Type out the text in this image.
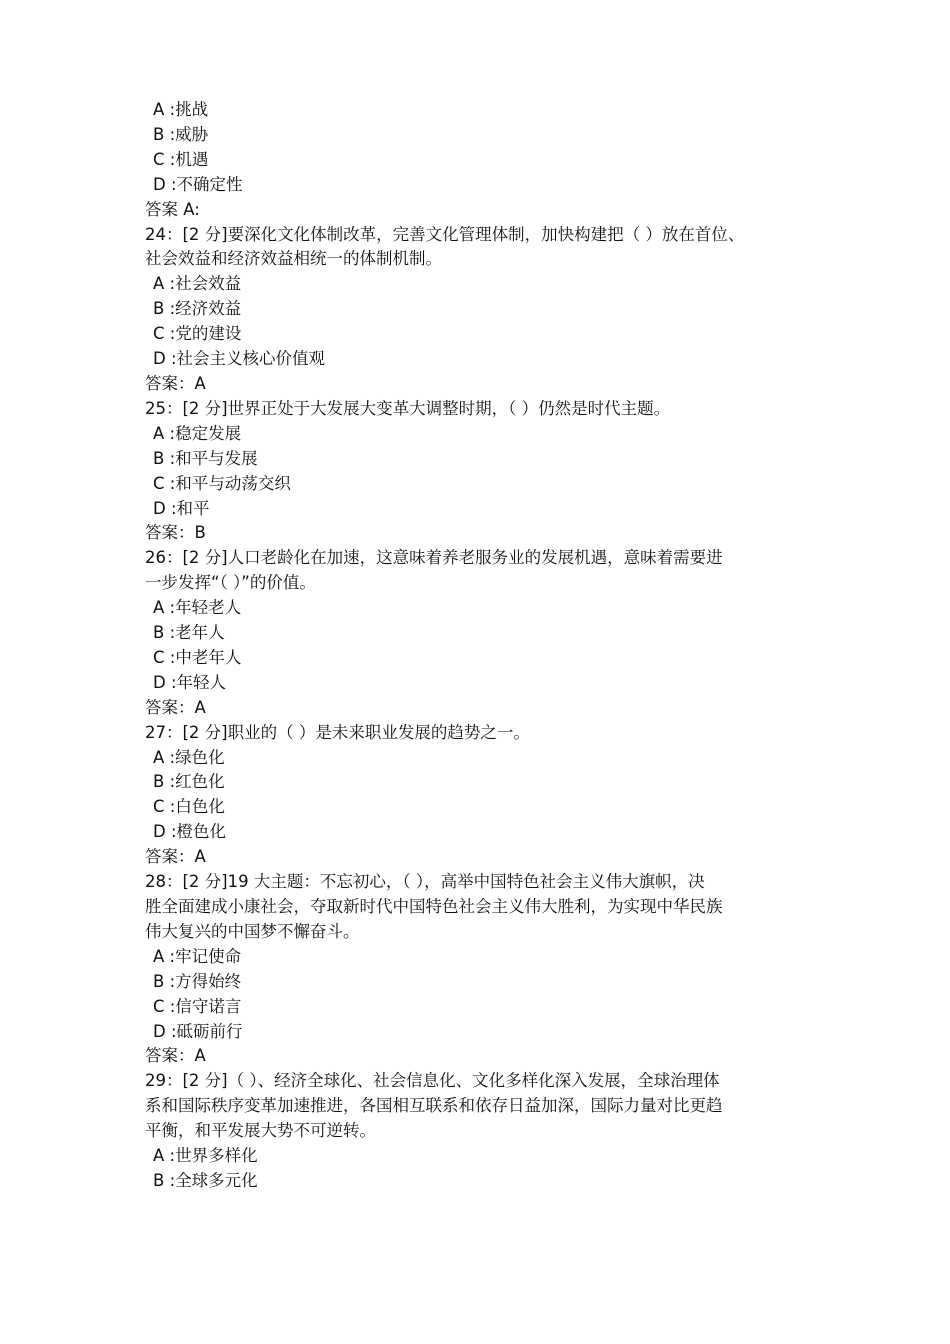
A :挑战
B :威胁
C :机遇
D :不确定性
答案 A:
24：[2 分]要深化文化体制改革，完善文化管理体制，加快构建把（ ）放在首位、
社会效益和经济效益相统一的体制机制。
A :社会效益
B :经济效益
C :党的建设
D :社会主义核心价值观
答案：A
25：[2 分]世界正处于大发展大变革大调整时期，（ ）仍然是时代主题。
A :稳定发展
B :和平与发展
C :和平与动荡交织
D :和平
答案：B
26：[2 分]人口老龄化在加速，这意味着养老服务业的发展机遇，意味着需要进
一步发挥“（ ）”的价值。
A :年轻老人
B :老年人
C :中老年人
D :年轻人
答案：A
27：[2 分]职业的（ ）是未来职业发展的趋势之一。
A :绿色化
B :红色化
C :白色化
D :橙色化
答案：A
28：[2 分]19 大主题：不忘初心，（ ），高举中国特色社会主义伟大旗帜，决
胜全面建成小康社会，夺取新时代中国特色社会主义伟大胜利，为实现中华民族
伟大复兴的中国梦不懈奋斗。
A :牢记使命
B :方得始终
C :信守诺言
D :砥砺前行
答案：A
29：[2 分]（ ）、经济全球化、社会信息化、文化多样化深入发展，全球治理体
系和国际秩序变革加速推进，各国相互联系和依存日益加深，国际力量对比更趋
平衡，和平发展大势不可逆转。
A :世界多样化
B :全球多元化
